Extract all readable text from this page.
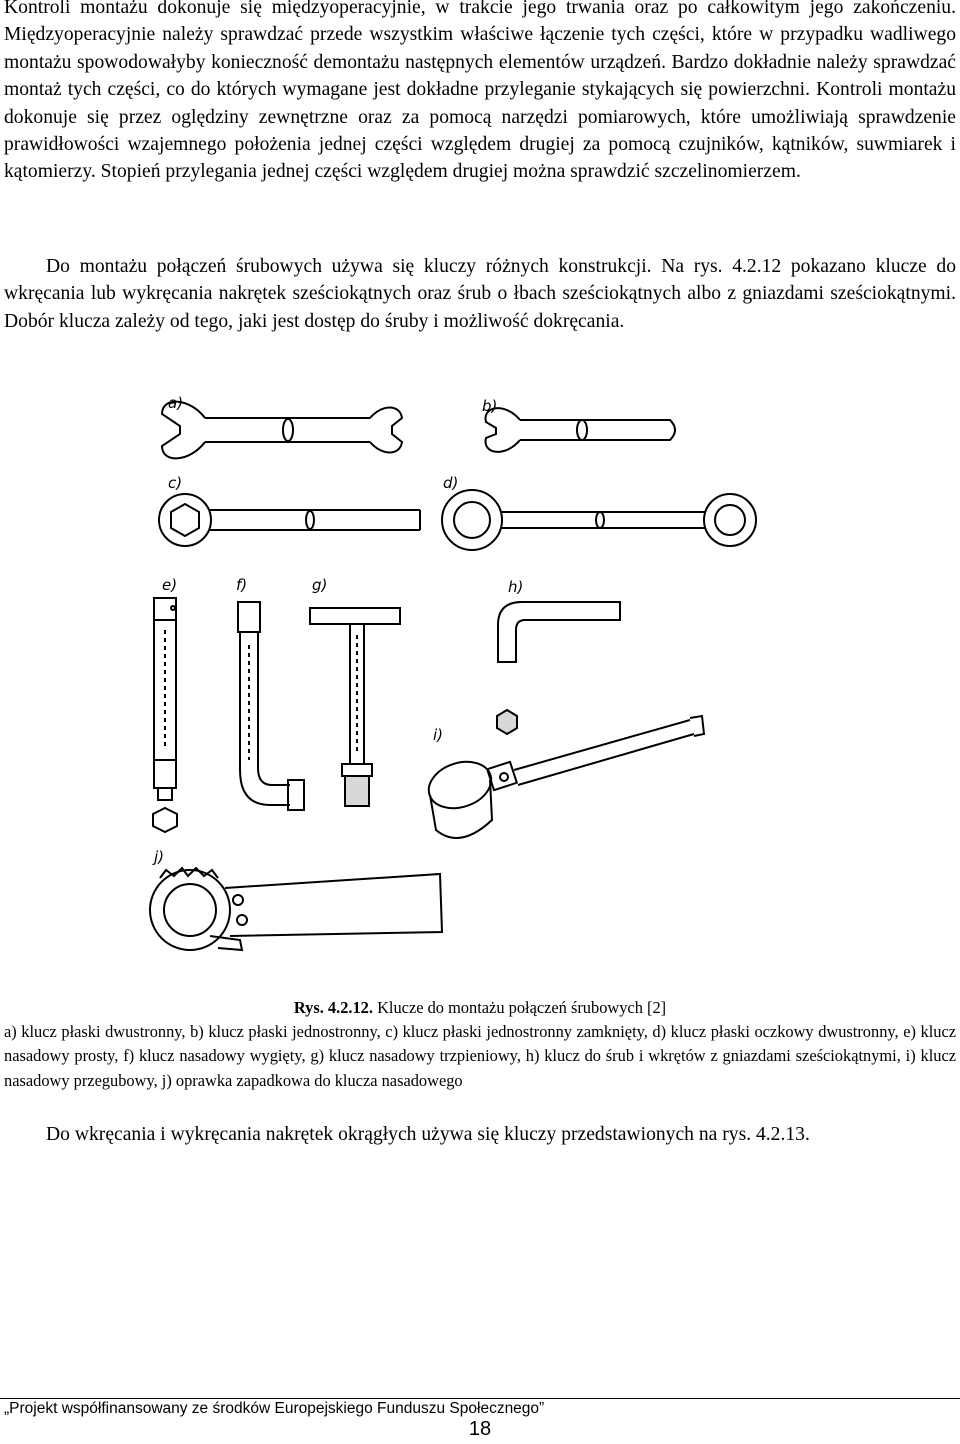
Kontroli montażu dokonuje się międzyoperacyjnie, w trakcie jego trwania oraz po całkowitym jego zakończeniu. Międzyoperacyjnie należy sprawdzać przede wszystkim właściwe łączenie tych części, które w przypadku wadliwego montażu spowodowałyby konieczność demontażu następnych elementów urządzeń. Bardzo dokładnie należy sprawdzać montaż tych części, co do których wymagane jest dokładne przyleganie stykających się powierzchni. Kontroli montażu dokonuje się przez oględziny zewnętrzne oraz za pomocą narzędzi pomiarowych, które umożliwiają sprawdzenie prawidłowości wzajemnego położenia jednej części względem drugiej za pomocą czujników, kątników, suwmiarek i kątomierzy. Stopień przylegania jednej części względem drugiej można sprawdzić szczelinomierzem.

Do montażu połączeń śrubowych używa się kluczy różnych konstrukcji. Na rys. 4.2.12 pokazano klucze do wkręcania lub wykręcania nakrętek sześciokątnych oraz śrub o łbach sześciokątnych albo z gniazdami sześciokątnymi. Dobór klucza zależy od tego, jaki jest dostęp do śruby i możliwość dokręcania.

a)	b)
c)	d)
e)	f)	g)	h)
i)
j)
Rys. 4.2.12. Klucze do montażu połączeń śrubowych [2]
a) klucz płaski dwustronny, b) klucz płaski jednostronny, c) klucz płaski jednostronny zamknięty, d) klucz płaski oczkowy dwustronny, e) klucz nasadowy prosty, f) klucz nasadowy wygięty, g) klucz nasadowy trzpieniowy, h) klucz do śrub i wkrętów z gniazdami sześciokątnymi, i) klucz nasadowy przegubowy, j) oprawka zapadkowa do klucza nasadowego

Do wkręcania i wykręcania nakrętek okrągłych używa się kluczy przedstawionych na rys. 4.2.13.

„Projekt współfinansowany ze środków Europejskiego Funduszu Społecznego”
18
